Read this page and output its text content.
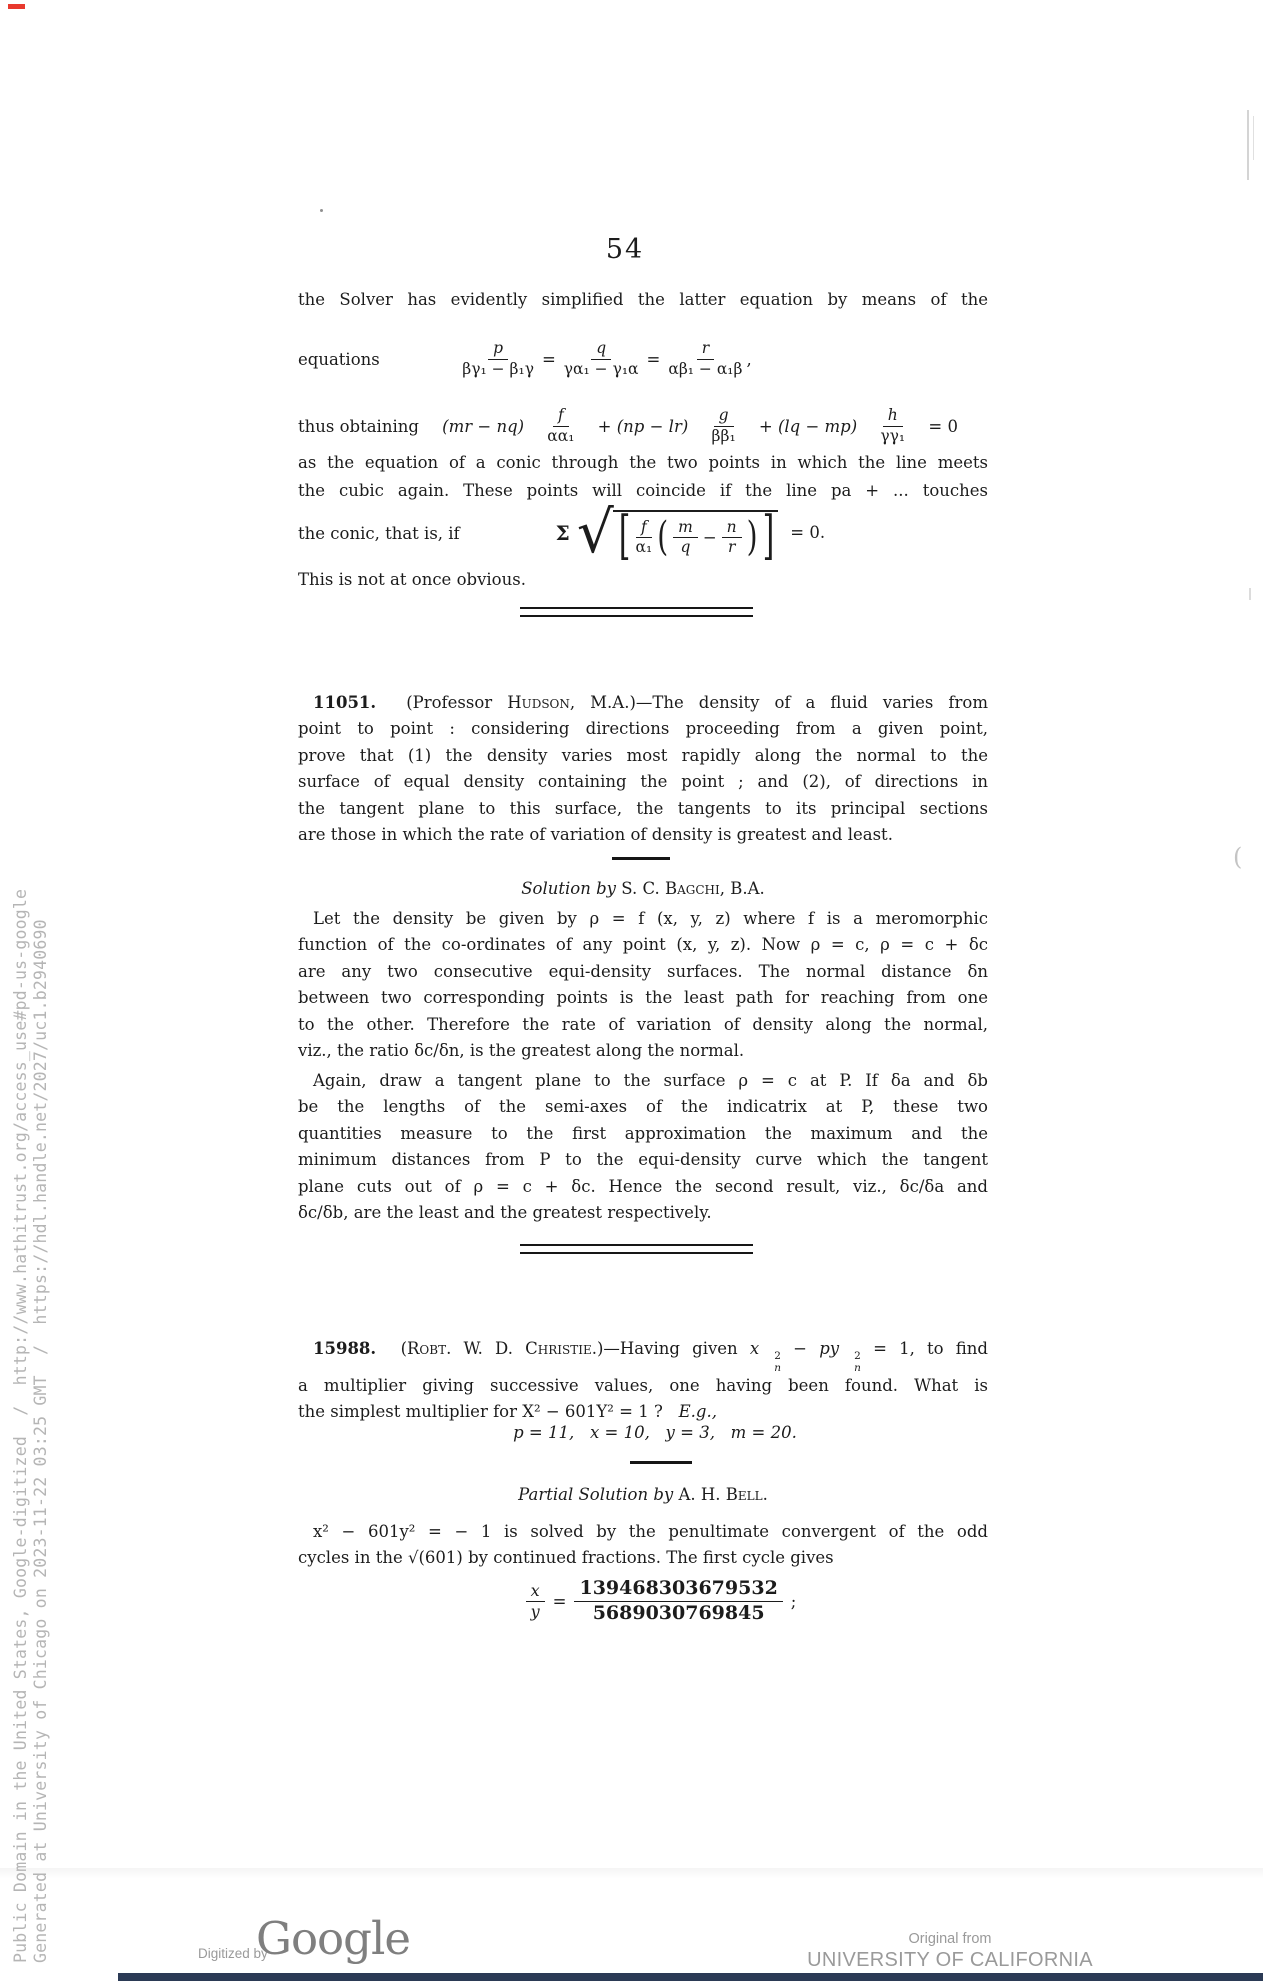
(
Generated at University of Chicago on 2023-11-22 03:25 GMT  /  https://hdl.handle.net/2027/uc1.b2940690
Public Domain in the United States, Google-digitized  /  http://www.hathitrust.org/access_use#pd-us-google
54
the Solver has evidently simplified the latter equation by means of the
equations	$\frac{p}{\text{βγ₁ − β₁γ}} = \frac{q}{\text{γα₁ − γ₁α}} = \frac{r}{\text{αβ₁ − α₁β}}$ ,
thus obtaining $(mr - nq) \frac{f}{\text{αα₁}} + (np - lr) \frac{g}{\text{ββ₁}} + (lq - mp) \frac{h}{\text{γγ₁}} = 0$
as the equation of a conic through the two points in which the line meets
the cubic again. These points will coincide if the line pa + ... touches
the conic, that is, if	Σ √ [ $\frac{f}{\text{α₁}}$ ( $\frac{m}{q} - \frac{n}{r}$ ) ] = 0.
This is not at once obvious.
11051. (Professor Hudson, M.A.)—The density of a fluid varies from
point to point : considering directions proceeding from a given point,
prove that (1) the density varies most rapidly along the normal to the
surface of equal density containing the point ; and (2), of directions in
the tangent plane to this surface, the tangents to its principal sections
are those in which the rate of variation of density is greatest and least.
Solution by S. C. Bagchi, B.A.
Let the density be given by ρ = f (x, y, z) where f is a meromorphic
function of the co-ordinates of any point (x, y, z). Now ρ = c, ρ = c + δc
are any two consecutive equi-density surfaces. The normal distance δn
between two corresponding points is the least path for reaching from one
to the other. Therefore the rate of variation of density along the normal,
viz., the ratio δc/δn, is the greatest along the normal.
Again, draw a tangent plane to the surface ρ = c at P. If δa and δb
be the lengths of the semi-axes of the indicatrix at P, these two
quantities measure to the first approximation the maximum and the
minimum distances from P to the equi-density curve which the tangent
plane cuts out of ρ = c + δc. Hence the second result, viz., δc/δa and
δc/δb, are the least and the greatest respectively.
15988. (Robt. W. D. Christie.)—Having given x	2
n
− py	2
n
= 1, to find
a multiplier giving successive values, one having been found. What is
the simplest multiplier for X² − 601Y² = 1 ? E.g.,
p = 11,   x = 10,   y = 3,   m = 20.
Partial Solution by A. H. Bell.
x² − 601y² = − 1 is solved by the penultimate convergent of the odd
cycles in the √(601) by continued fractions. The first cycle gives
$\frac{x}{y} = \frac{139468303679532}{5689030769845}$ ;
Digitized by
Google	Original from
UNIVERSITY OF CALIFORNIA
